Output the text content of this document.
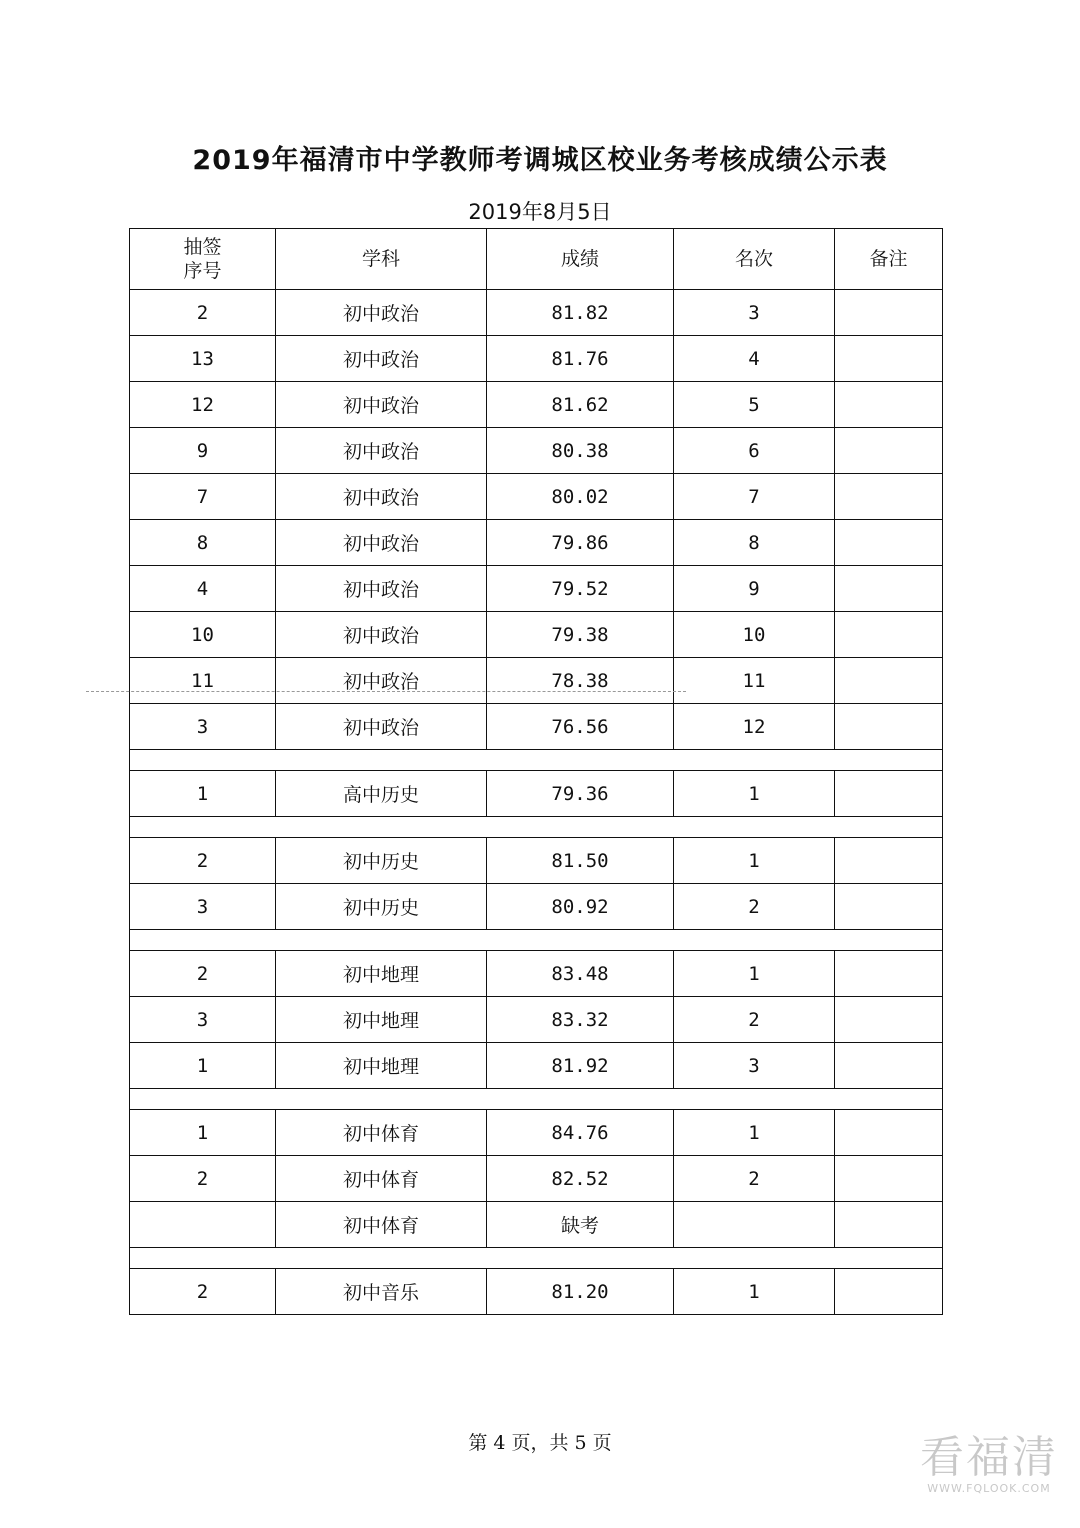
2019年福清市中学教师考调城区校业务考核成绩公示表
2019年8月5日
抽签
序号	学科	成绩	名次	备注
2	初中政治	81.82	3	
13	初中政治	81.76	4	
12	初中政治	81.62	5	
9	初中政治	80.38	6	
7	初中政治	80.02	7	
8	初中政治	79.86	8	
4	初中政治	79.52	9	
10	初中政治	79.38	10	
11	初中政治	78.38	11	
3	初中政治	76.56	12	

1	高中历史	79.36	1	

2	初中历史	81.50	1	
3	初中历史	80.92	2	

2	初中地理	83.48	1	
3	初中地理	83.32	2	
1	初中地理	81.92	3	

1	初中体育	84.76	1	
2	初中体育	82.52	2	
	初中体育	缺考		

2	初中音乐	81.20	1	
第 4 页，共 5 页	看福清
WWW.FQLOOK.COM
